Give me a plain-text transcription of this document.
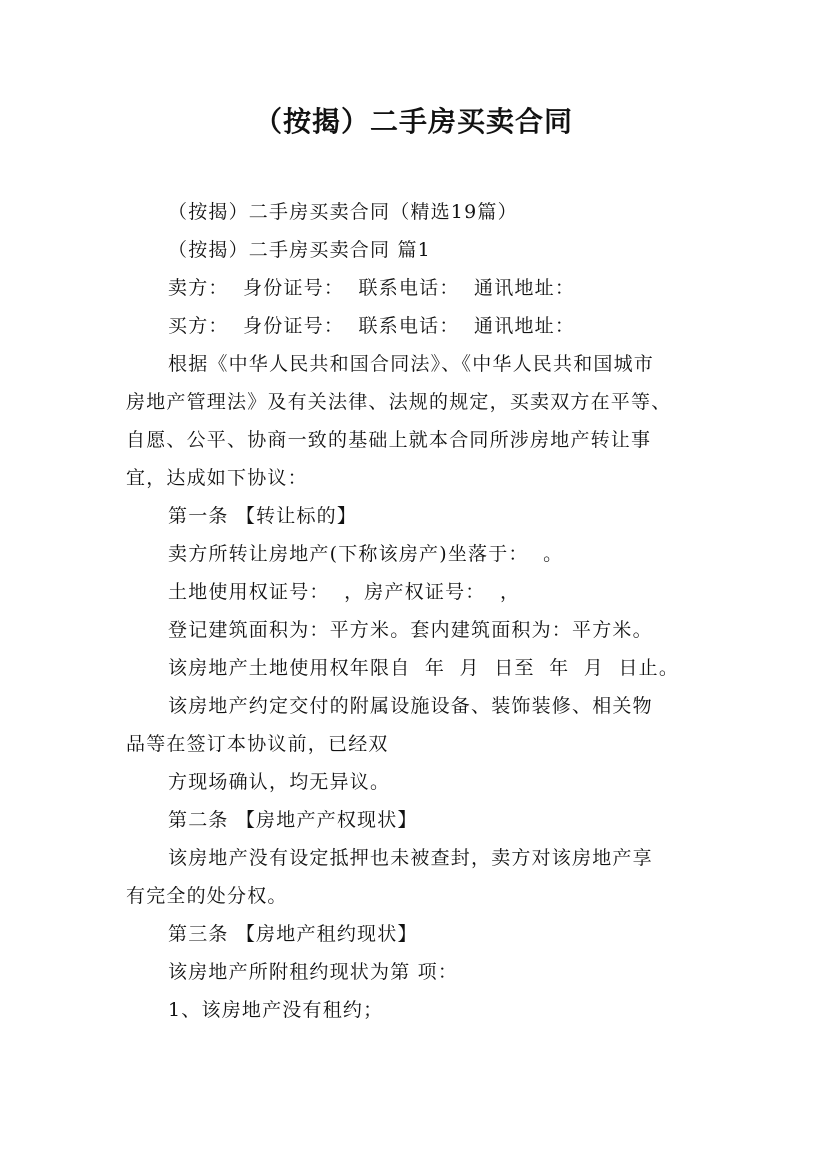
（按揭）二手房买卖合同

（按揭）二手房买卖合同（精选19篇）

（按揭）二手房买卖合同 篇1

卖方：  身份证号：  联系电话：  通讯地址：

买方：  身份证号：  联系电话：  通讯地址：

根据《中华人民共和国合同法》、《中华人民共和国城市

房地产管理法》及有关法律、法规的规定，买卖双方在平等、

自愿、公平、协商一致的基础上就本合同所涉房地产转让事

宜，达成如下协议：

第一条 【转让标的】

卖方所转让房地产(下称该房产)坐落于：  。

土地使用权证号：  ，房产权证号：  ，

登记建筑面积为：平方米。套内建筑面积为：平方米。

该房地产土地使用权年限自  年  月  日至  年  月  日止。

该房地产约定交付的附属设施设备、装饰装修、相关物

品等在签订本协议前，已经双

方现场确认，均无异议。

第二条 【房地产产权现状】

该房地产没有设定抵押也未被查封，卖方对该房地产享

有完全的处分权。

第三条 【房地产租约现状】

该房地产所附租约现状为第 项：

1、该房地产没有租约；
